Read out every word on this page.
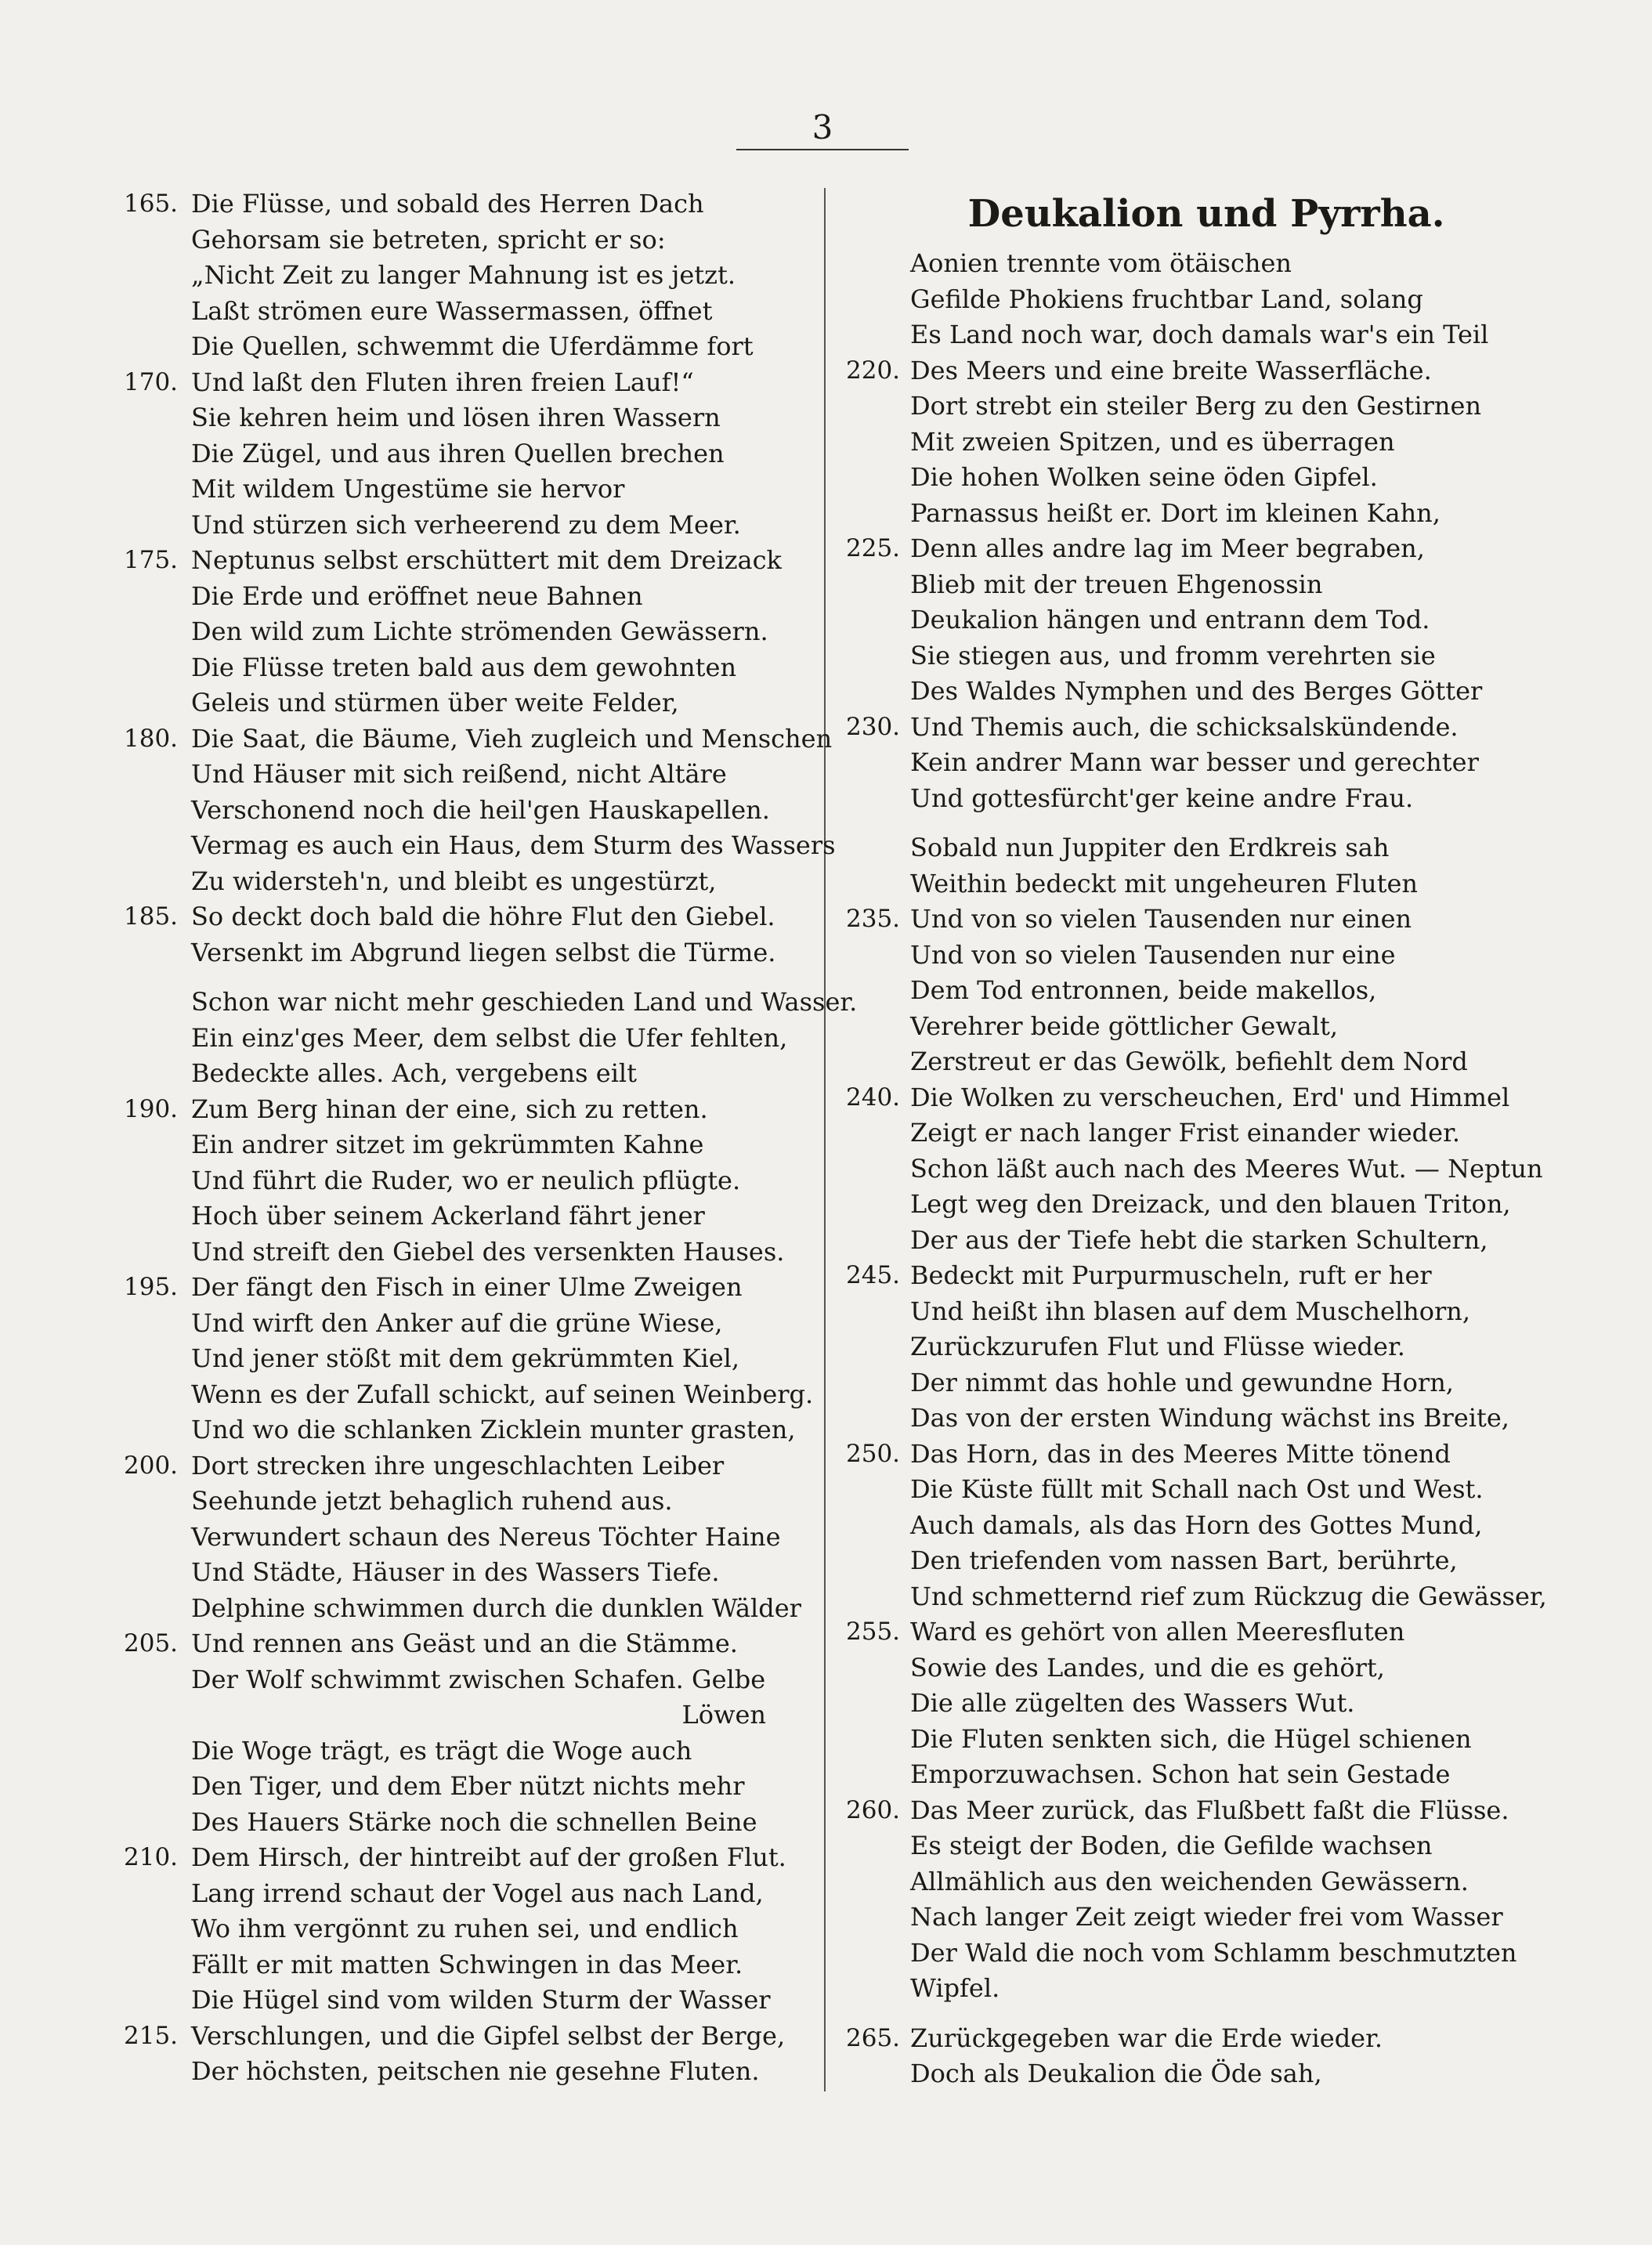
3
165. Die Flüsse, und sobald des Herren Dach
Gehorsam sie betreten, spricht er so:
„Nicht Zeit zu langer Mahnung ist es jetzt.
Laßt strömen eure Wassermassen, öffnet
Die Quellen, schwemmt die Uferdämme fort
170. Und laßt den Fluten ihren freien Lauf!“
Sie kehren heim und lösen ihren Wassern
Die Zügel, und aus ihren Quellen brechen
Mit wildem Ungestüme sie hervor
Und stürzen sich verheerend zu dem Meer.
175. Neptunus selbst erschüttert mit dem Dreizack
Die Erde und eröffnet neue Bahnen
Den wild zum Lichte strömenden Gewässern.
Die Flüsse treten bald aus dem gewohnten
Geleis und stürmen über weite Felder,
180. Die Saat, die Bäume, Vieh zugleich und Menschen
Und Häuser mit sich reißend, nicht Altäre
Verschonend noch die heil'gen Hauskapellen.
Vermag es auch ein Haus, dem Sturm des Wassers
Zu widersteh'n, und bleibt es ungestürzt,
185. So deckt doch bald die höhre Flut den Giebel.
Versenkt im Abgrund liegen selbst die Türme.
Schon war nicht mehr geschieden Land und Wasser.
Ein einz'ges Meer, dem selbst die Ufer fehlten,
Bedeckte alles. Ach, vergebens eilt
190. Zum Berg hinan der eine, sich zu retten.
Ein andrer sitzet im gekrümmten Kahne
Und führt die Ruder, wo er neulich pflügte.
Hoch über seinem Ackerland fährt jener
Und streift den Giebel des versenkten Hauses.
195. Der fängt den Fisch in einer Ulme Zweigen
Und wirft den Anker auf die grüne Wiese,
Und jener stößt mit dem gekrümmten Kiel,
Wenn es der Zufall schickt, auf seinen Weinberg.
Und wo die schlanken Zicklein munter grasten,
200. Dort strecken ihre ungeschlachten Leiber
Seehunde jetzt behaglich ruhend aus.
Verwundert schaun des Nereus Töchter Haine
Und Städte, Häuser in des Wassers Tiefe.
Delphine schwimmen durch die dunklen Wälder
205. Und rennen ans Geäst und an die Stämme.
Der Wolf schwimmt zwischen Schafen. Gelbe
Löwen
Die Woge trägt, es trägt die Woge auch
Den Tiger, und dem Eber nützt nichts mehr
Des Hauers Stärke noch die schnellen Beine
210. Dem Hirsch, der hintreibt auf der großen Flut.
Lang irrend schaut der Vogel aus nach Land,
Wo ihm vergönnt zu ruhen sei, und endlich
Fällt er mit matten Schwingen in das Meer.
Die Hügel sind vom wilden Sturm der Wasser
215. Verschlungen, und die Gipfel selbst der Berge,
Der höchsten, peitschen nie gesehne Fluten.
Deukalion und Pyrrha.
Aonien trennte vom ötäischen
Gefilde Phokiens fruchtbar Land, solang
Es Land noch war, doch damals war's ein Teil
220. Des Meers und eine breite Wasserfläche.
Dort strebt ein steiler Berg zu den Gestirnen
Mit zweien Spitzen, und es überragen
Die hohen Wolken seine öden Gipfel.
Parnassus heißt er. Dort im kleinen Kahn,
225. Denn alles andre lag im Meer begraben,
Blieb mit der treuen Ehgenossin
Deukalion hängen und entrann dem Tod.
Sie stiegen aus, und fromm verehrten sie
Des Waldes Nymphen und des Berges Götter
230. Und Themis auch, die schicksalskündende.
Kein andrer Mann war besser und gerechter
Und gottesfürcht'ger keine andre Frau.
Sobald nun Juppiter den Erdkreis sah
Weithin bedeckt mit ungeheuren Fluten
235. Und von so vielen Tausenden nur einen
Und von so vielen Tausenden nur eine
Dem Tod entronnen, beide makellos,
Verehrer beide göttlicher Gewalt,
Zerstreut er das Gewölk, befiehlt dem Nord
240. Die Wolken zu verscheuchen, Erd' und Himmel
Zeigt er nach langer Frist einander wieder.
Schon läßt auch nach des Meeres Wut. — Neptun
Legt weg den Dreizack, und den blauen Triton,
Der aus der Tiefe hebt die starken Schultern,
245. Bedeckt mit Purpurmuscheln, ruft er her
Und heißt ihn blasen auf dem Muschelhorn,
Zurückzurufen Flut und Flüsse wieder.
Der nimmt das hohle und gewundne Horn,
Das von der ersten Windung wächst ins Breite,
250. Das Horn, das in des Meeres Mitte tönend
Die Küste füllt mit Schall nach Ost und West.
Auch damals, als das Horn des Gottes Mund,
Den triefenden vom nassen Bart, berührte,
Und schmetternd rief zum Rückzug die Gewässer,
255. Ward es gehört von allen Meeresfluten
Sowie des Landes, und die es gehört,
Die alle zügelten des Wassers Wut.
Die Fluten senkten sich, die Hügel schienen
Emporzuwachsen. Schon hat sein Gestade
260. Das Meer zurück, das Flußbett faßt die Flüsse.
Es steigt der Boden, die Gefilde wachsen
Allmählich aus den weichenden Gewässern.
Nach langer Zeit zeigt wieder frei vom Wasser
Der Wald die noch vom Schlamm beschmutzten
Wipfel.
265. Zurückgegeben war die Erde wieder.
Doch als Deukalion die Öde sah,
